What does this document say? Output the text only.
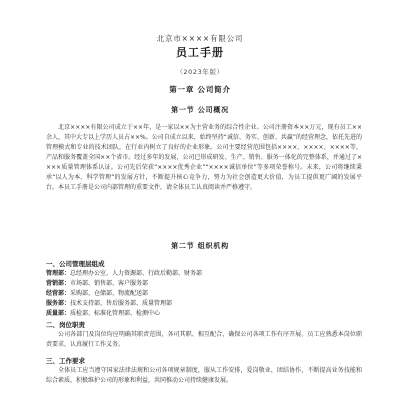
北京市××××有限公司
员工手册
（2023年版）
第一章 公司简介
第一节 公司概况
北京××××有限公司成立于××年，是一家以××为主营业务的综合性企业。公司注册资本××万元，现有员工××余人，其中大专以上学历人员占××%。公司自成立以来，始终坚持“诚信、务实、创新、共赢”的经营理念，依托先进的管理模式和专业的技术团队，在行业内树立了良好的企业形象。公司主要经营范围包括××××、××××、××××等，产品和服务覆盖全国××个省市。经过多年的发展，公司已形成研发、生产、销售、服务一体化的完整体系，并通过了××××质量管理体系认证。公司先后荣获“××××优秀企业”“××××诚信单位”等多项荣誉称号。未来，公司将继续秉承“以人为本、科学管理”的发展方针，不断提升核心竞争力，努力为社会创造更大价值，为员工提供更广阔的发展平台。本员工手册是公司内部管理的重要文件，请全体员工认真阅读并严格遵守。
第二节 组织机构
一、公司管理层组成
管理部：总经理办公室、人力资源部、行政后勤部、财务部
营销部：市场部、销售部、客户服务部
经营部：采购部、仓储部、物流配送部
服务部：技术支持部、售后服务部、质量管理部
质量部：质检部、标准化管理部、检测中心
二、岗位职责
公司各部门及岗位均应明确其职责范围，各司其职、相互配合，确保公司各项工作有序开展。员工应熟悉本岗位职责要求，认真履行工作义务。
三、工作要求
全体员工应当遵守国家法律法规和公司各项规章制度，服从工作安排，爱岗敬业，团结协作，不断提高业务技能和综合素质，积极维护公司的形象和利益，共同推动公司持续健康发展。
